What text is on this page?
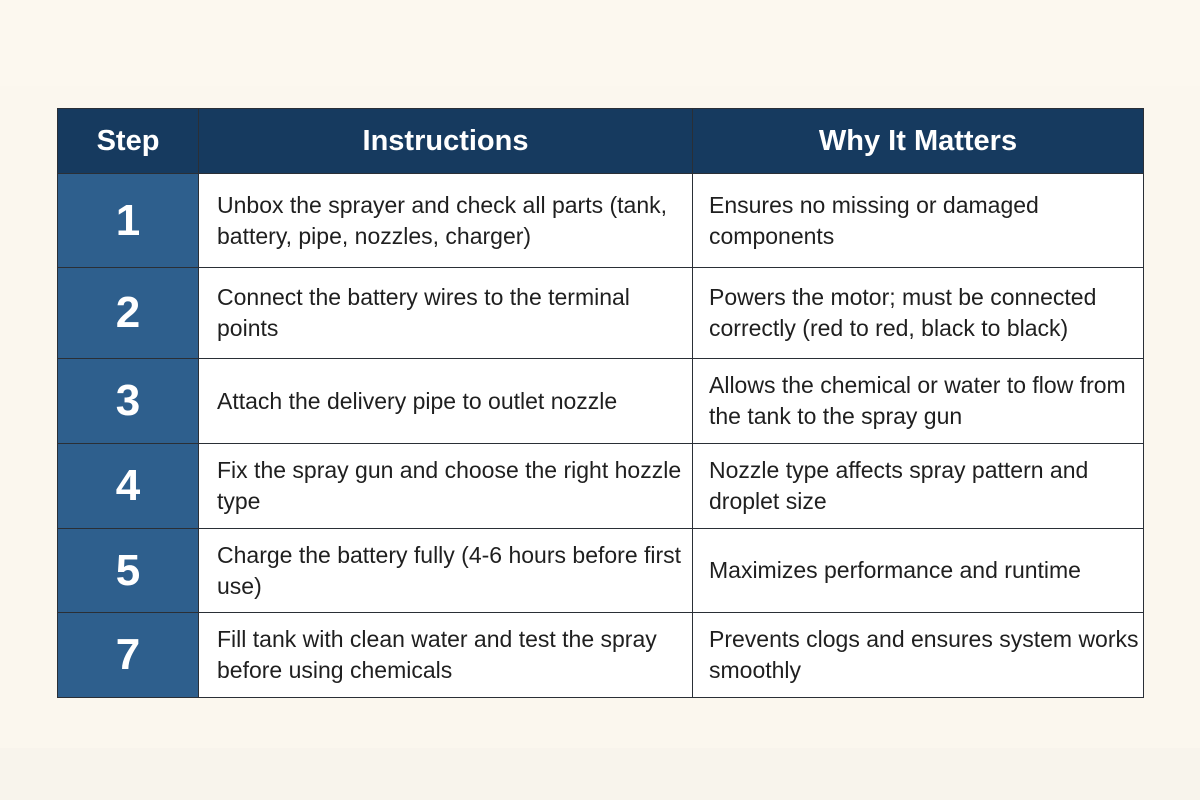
Step	Instructions	Why It Matters
1	Unbox the sprayer and check all parts (tank, battery, pipe, nozzles, charger)	Ensures no missing or damaged components
2	Connect the battery wires to the terminal points	Powers the motor; must be connected correctly (red to red, black to black)
3	Attach the delivery pipe to outlet nozzle	Allows the chemical or water to flow from the tank to the spray gun
4	Fix the spray gun and choose the right hozzle type	Nozzle type affects spray pattern and droplet size
5	Charge the battery fully (4-6 hours before first use)	Maximizes performance and runtime
7	Fill tank with clean water and test the spray before using chemicals	Prevents clogs and ensures system works smoothly
